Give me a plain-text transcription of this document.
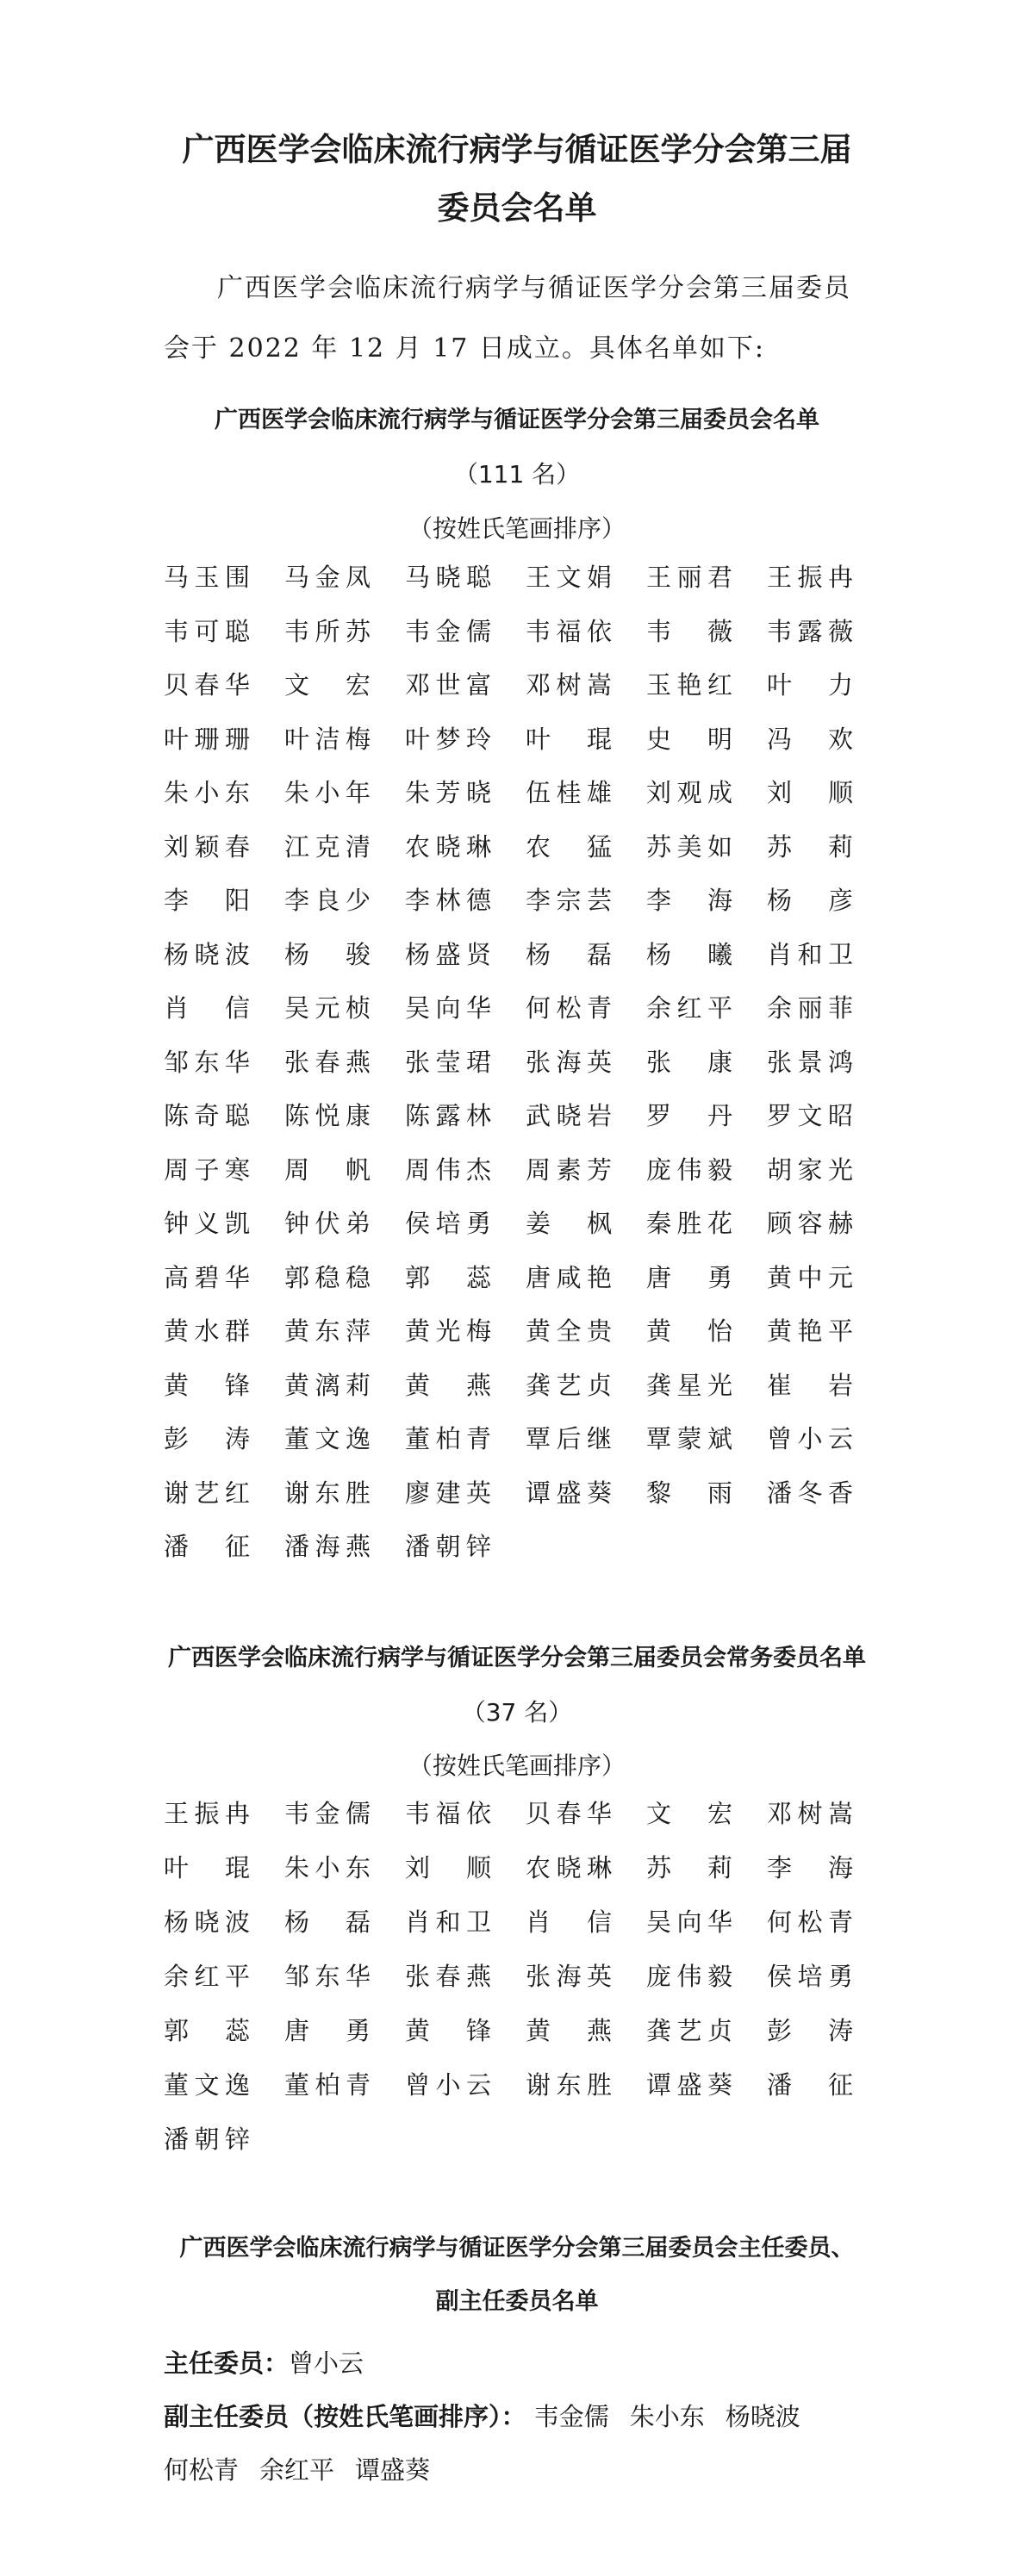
广西医学会临床流行病学与循证医学分会第三届
委员会名单

广西医学会临床流行病学与循证医学分会第三届委员会于 2022 年 12 月 17 日成立。具体名单如下:

广西医学会临床流行病学与循证医学分会第三届委员会名单
（111 名）
（按姓氏笔画排序）
马 玉 围 马 金 凤 马 晓 聪 王 文 娟 王 丽 君 王 振 冉
韦 可 聪 韦 所 苏 韦 金 儒 韦 福 依 韦 薇 韦 露 薇
贝 春 华 文 宏 邓 世 富 邓 树 嵩 玉 艳 红 叶 力
叶 珊 珊 叶 洁 梅 叶 梦 玲 叶 琨 史 明 冯 欢
朱 小 东 朱 小 年 朱 芳 晓 伍 桂 雄 刘 观 成 刘 顺
刘 颖 春 江 克 清 农 晓 琳 农 猛 苏 美 如 苏 莉
李 阳 李 良 少 李 林 德 李 宗 芸 李 海 杨 彦
杨 晓 波 杨 骏 杨 盛 贤 杨 磊 杨 曦 肖 和 卫
肖 信 吴 元 桢 吴 向 华 何 松 青 余 红 平 余 丽 菲
邹 东 华 张 春 燕 张 莹 珺 张 海 英 张 康 张 景 鸿
陈 奇 聪 陈 悦 康 陈 露 林 武 晓 岩 罗 丹 罗 文 昭
周 子 寒 周 帆 周 伟 杰 周 素 芳 庞 伟 毅 胡 家 光
钟 义 凯 钟 伏 弟 侯 培 勇 姜 枫 秦 胜 花 顾 容 赫
高 碧 华 郭 稳 稳 郭 蕊 唐 咸 艳 唐 勇 黄 中 元
黄 水 群 黄 东 萍 黄 光 梅 黄 全 贵 黄 怡 黄 艳 平
黄 锋 黄 漓 莉 黄 燕 龚 艺 贞 龚 星 光 崔 岩
彭 涛 董 文 逸 董 柏 青 覃 后 继 覃 蒙 斌 曾 小 云
谢 艺 红 谢 东 胜 廖 建 英 谭 盛 葵 黎 雨 潘 冬 香
潘 征 潘 海 燕 潘 朝 锌
广西医学会临床流行病学与循证医学分会第三届委员会常务委员名单
（37 名）
（按姓氏笔画排序）
王 振 冉 韦 金 儒 韦 福 依 贝 春 华 文 宏 邓 树 嵩
叶 琨 朱 小 东 刘 顺 农 晓 琳 苏 莉 李 海
杨 晓 波 杨 磊 肖 和 卫 肖 信 吴 向 华 何 松 青
余 红 平 邹 东 华 张 春 燕 张 海 英 庞 伟 毅 侯 培 勇
郭 蕊 唐 勇 黄 锋 黄 燕 龚 艺 贞 彭 涛
董 文 逸 董 柏 青 曾 小 云 谢 东 胜 谭 盛 葵 潘 征
潘 朝 锌
广西医学会临床流行病学与循证医学分会第三届委员会主任委员、
副主任委员名单
主任委员：曾小云
副主任委员（按姓氏笔画排序）： 韦金儒 朱小东 杨晓波
何松青 余红平 谭盛葵
